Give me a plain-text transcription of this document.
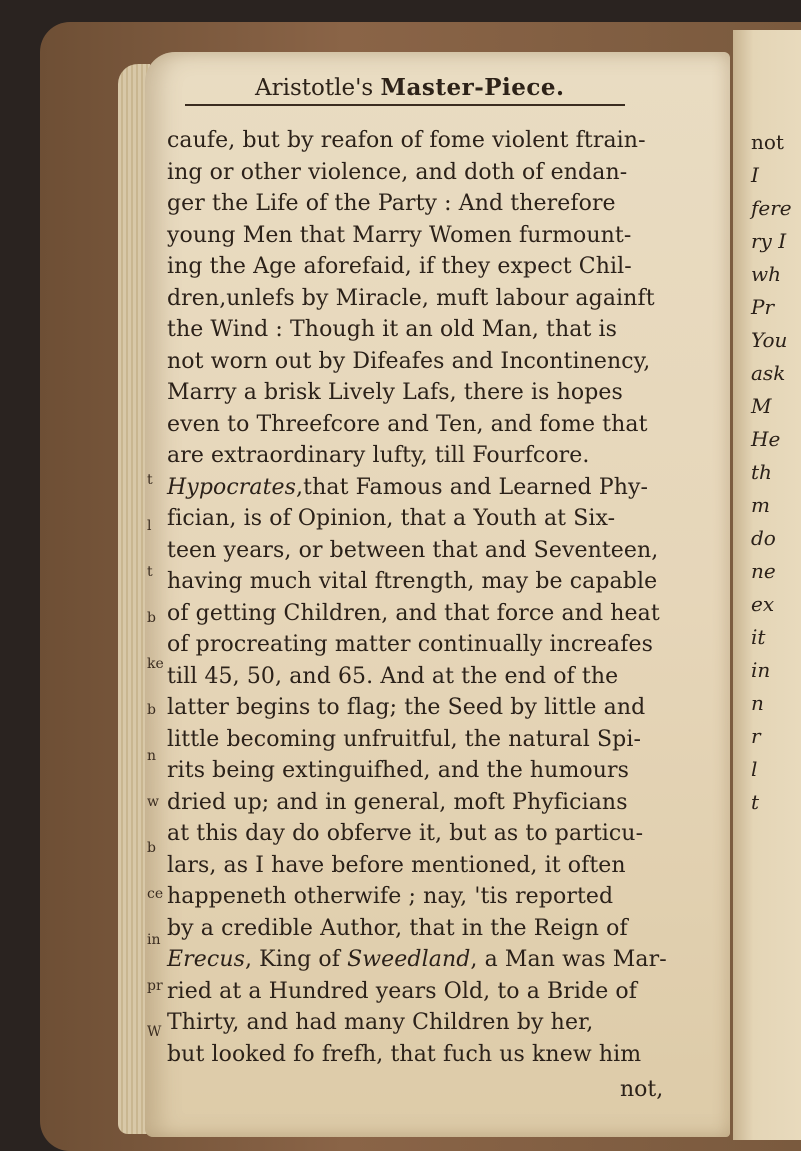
Aristotle's Master-Piece.
caufe, but by reafon of fome violent ftrain-
ing or other violence, and doth of endan-
ger the Life of the Party : And therefore
young Men that Marry Women furmount-
ing the Age aforefaid, if they expect Chil-
dren,unlefs by Miracle, muft labour againft
the Wind : Though it an old Man, that is
not worn out by Difeafes and Incontinency,
Marry a brisk Lively Lafs, there is hopes
even to Threefcore and Ten, and fome that
are extraordinary lufty, till Fourfcore.
Hypocrates,that Famous and Learned Phy-
fician, is of Opinion, that a Youth at Six-
teen years, or between that and Seventeen,
having much vital ftrength, may be capable
of getting Children, and that force and heat
of procreating matter continually increafes
till 45, 50, and 65. And at the end of the
latter begins to flag; the Seed by little and
little becoming unfruitful, the natural Spi-
rits being extinguifhed, and the humours
dried up; and in general, moft Phyficians
at this day do obferve it, but as to particu-
lars, as I have before mentioned, it often
happeneth otherwife ; nay, 'tis reported
by a credible Author, that in the Reign of
Erecus, King of Sweedland, a Man was Mar-
ried at a Hundred years Old, to a Bride of
Thirty, and had many Children by her,
but looked fo frefh, that fuch us knew him
t
l
t
b
ke
b
n
w
b
ce
in
pr
W
not,
not
I
fere
ry I
wh
Pr
You
ask
M
He
th
m
do
ne
ex
it
in
n
r
l
t
